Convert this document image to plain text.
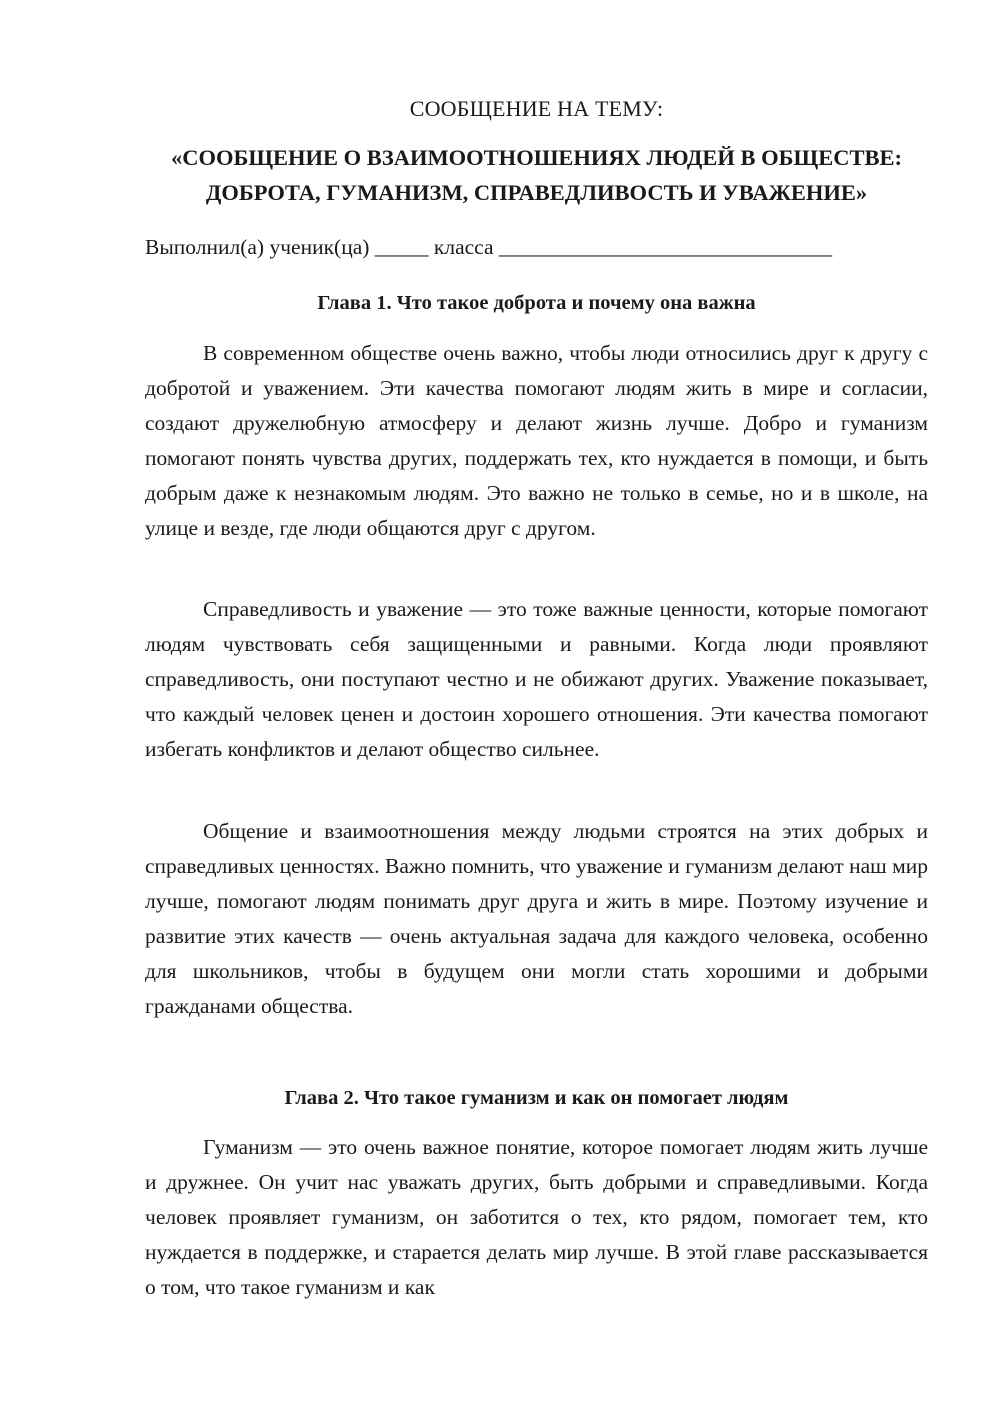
СООБЩЕНИЕ НА ТЕМУ:
«СООБЩЕНИЕ О ВЗАИМООТНОШЕНИЯХ ЛЮДЕЙ В ОБЩЕСТВЕ:
ДОБРОТА, ГУМАНИЗМ, СПРАВЕДЛИВОСТЬ И УВАЖЕНИЕ»
Выполнил(а) ученик(ца) _____ класса _______________________________
Глава 1. Что такое доброта и почему она важна

В современном обществе очень важно, чтобы люди относились друг к другу с добротой и уважением. Эти качества помогают людям жить в мире и согласии, создают дружелюбную атмосферу и делают жизнь лучше. Добро и гуманизм помогают понять чувства других, поддержать тех, кто нуждается в помощи, и быть добрым даже к незнакомым людям. Это важно не только в семье, но и в школе, на улице и везде, где люди общаются друг с другом.

Справедливость и уважение — это тоже важные ценности, которые помогают людям чувствовать себя защищенными и равными. Когда люди проявляют справедливость, они поступают честно и не обижают других. Уважение показывает, что каждый человек ценен и достоин хорошего отношения. Эти качества помогают избегать конфликтов и делают общество сильнее.

Общение и взаимоотношения между людьми строятся на этих добрых и справедливых ценностях. Важно помнить, что уважение и гуманизм делают наш мир лучше, помогают людям понимать друг друга и жить в мире. Поэтому изучение и развитие этих качеств — очень актуальная задача для каждого человека, особенно для школьников, чтобы в будущем они могли стать хорошими и добрыми гражданами общества.

Глава 2. Что такое гуманизм и как он помогает людям

Гуманизм — это очень важное понятие, которое помогает людям жить лучше и дружнее. Он учит нас уважать других, быть добрыми и справедливыми. Когда человек проявляет гуманизм, он заботится о тех, кто рядом, помогает тем, кто нуждается в поддержке, и старается делать мир лучше. В этой главе рассказывается о том, что такое гуманизм и как
